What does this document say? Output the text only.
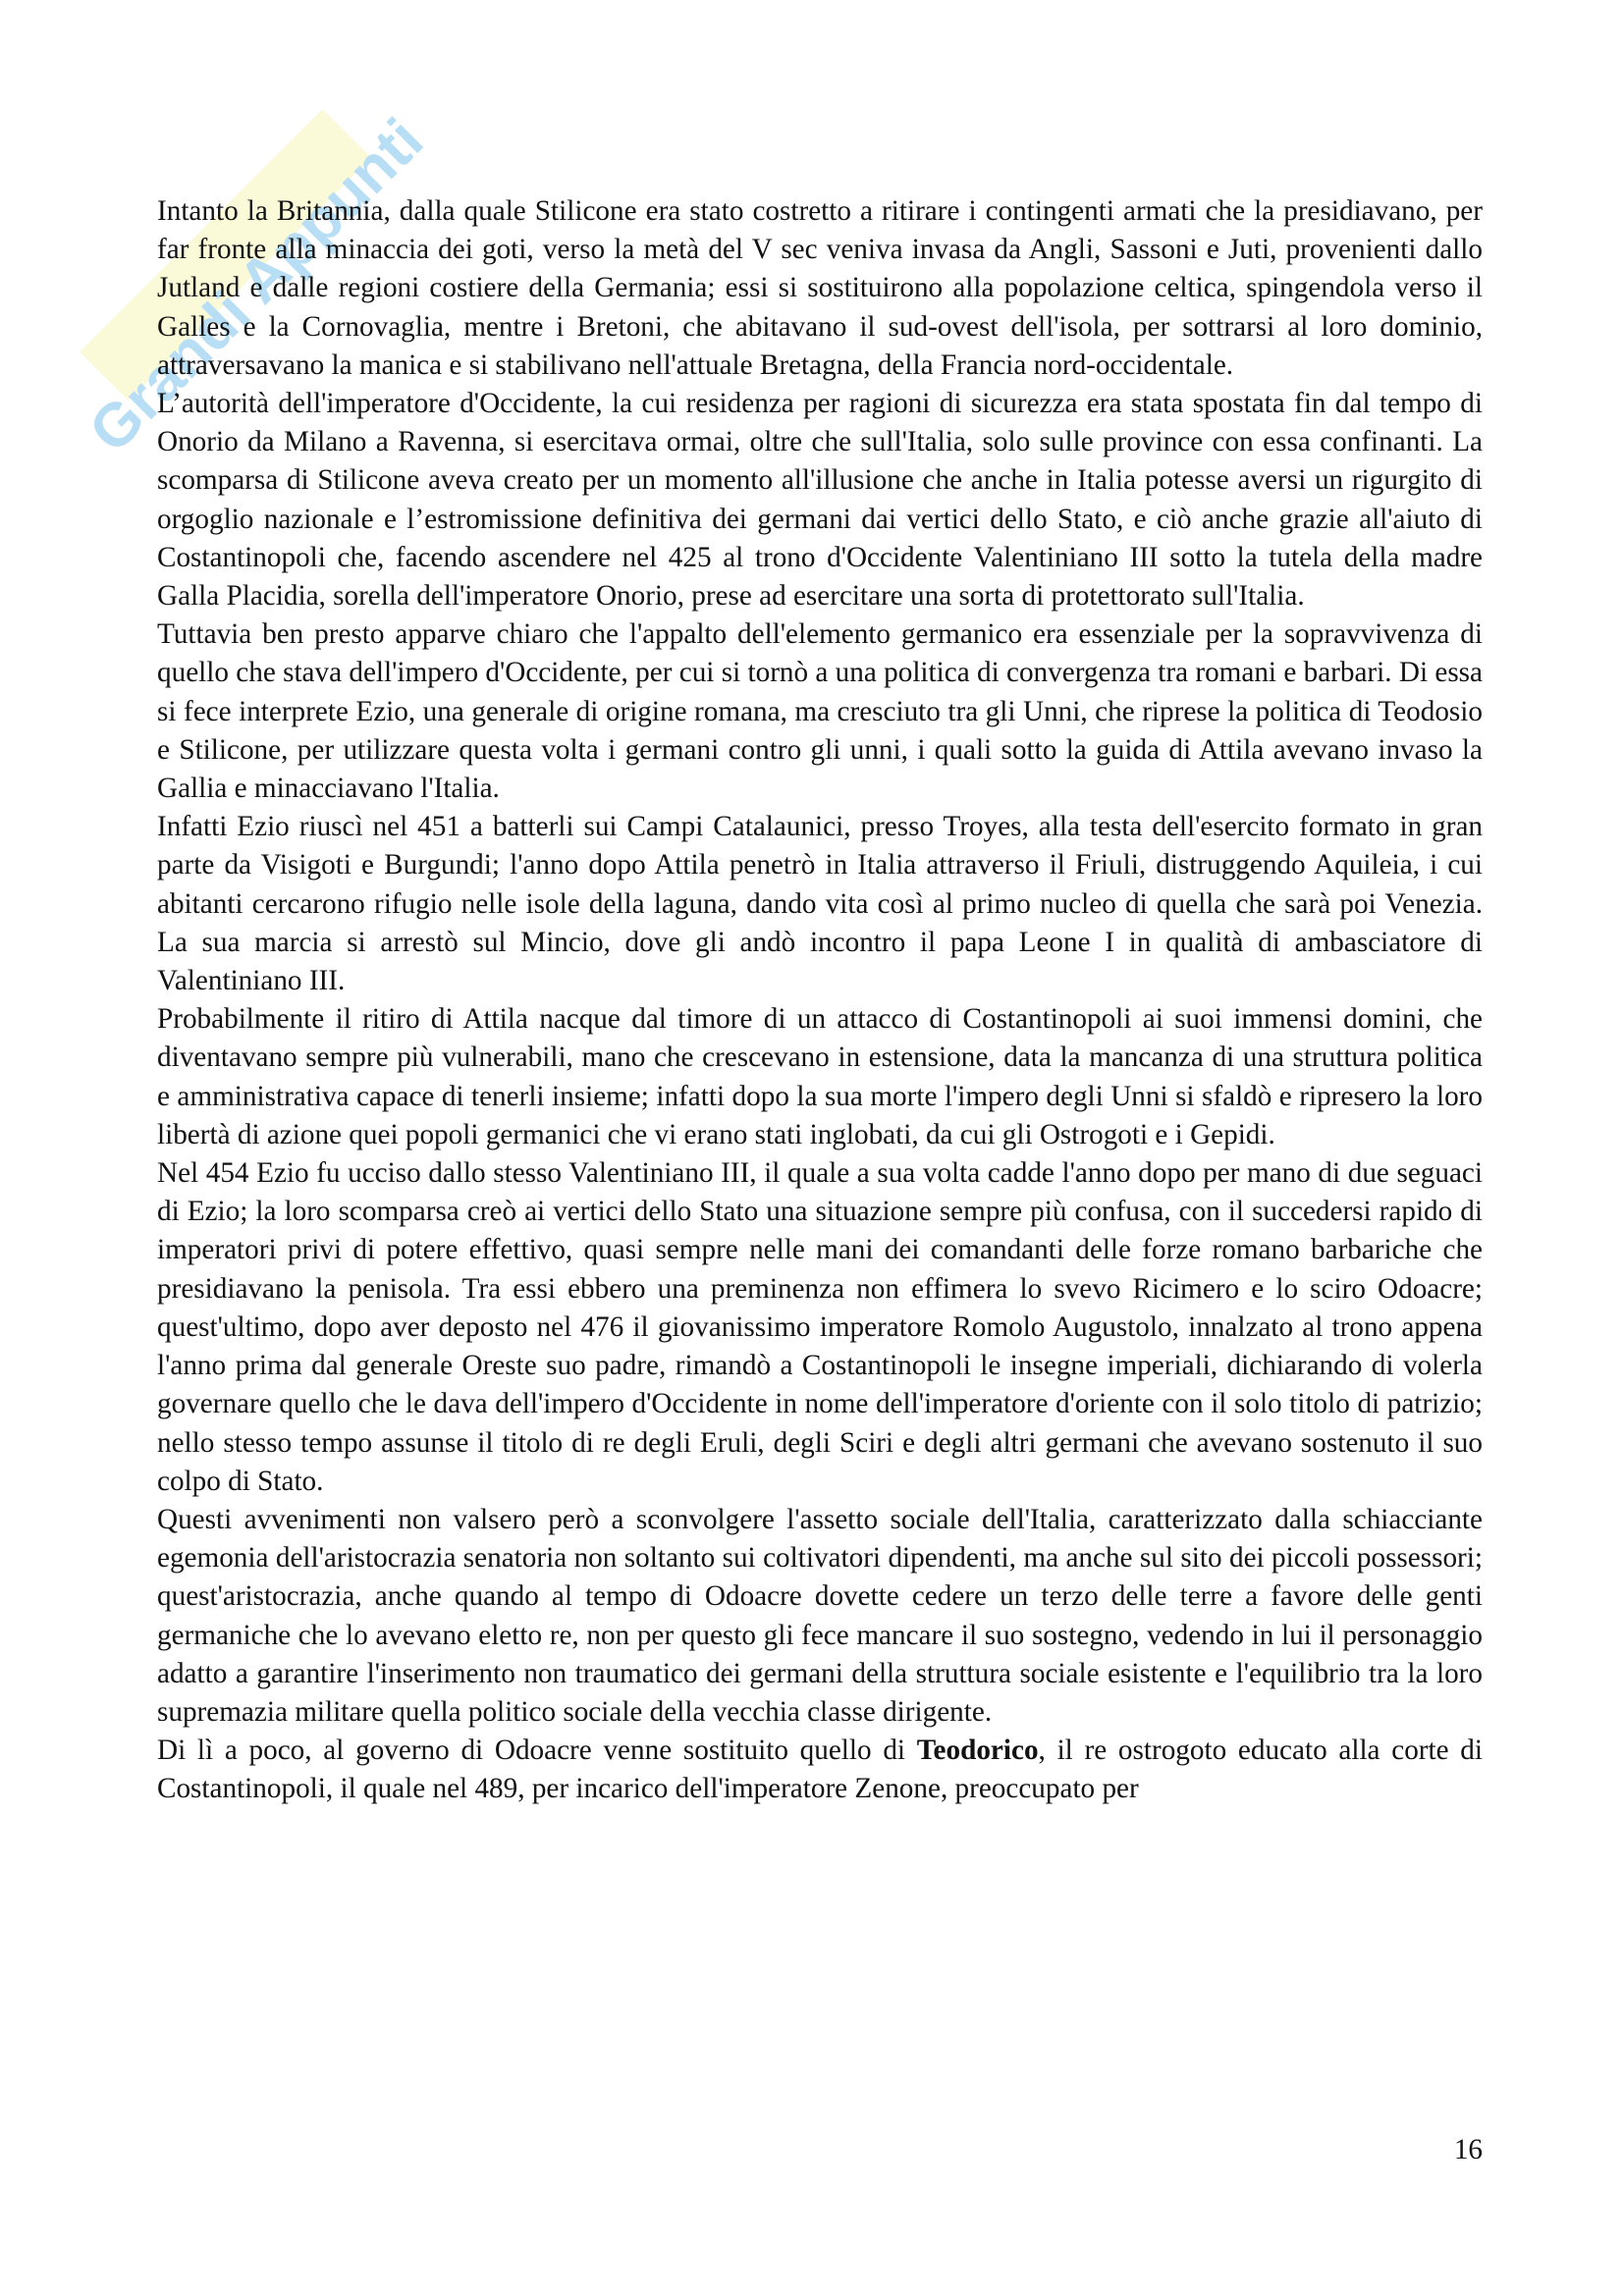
Grandi Appunti

Intanto la Britannia, dalla quale Stilicone era stato costretto a ritirare i contingenti armati che la presidiavano, per far fronte alla minaccia dei goti, verso la metà del V sec veniva invasa da Angli, Sassoni e Juti, provenienti dallo Jutland e dalle regioni costiere della Germania; essi si sostituirono alla popolazione celtica, spingendola verso il Galles e la Cornovaglia, mentre i Bretoni, che abitavano il sud-ovest dell'isola, per sottrarsi al loro dominio, attraversavano la manica e si stabilivano nell'attuale Bretagna, della Francia nord-occidentale.

L’autorità dell'imperatore d'Occidente, la cui residenza per ragioni di sicurezza era stata spostata fin dal tempo di Onorio da Milano a Ravenna, si esercitava ormai, oltre che sull'Italia, solo sulle province con essa confinanti. La scomparsa di Stilicone aveva creato per un momento all'illusione che anche in Italia potesse aversi un rigurgito di orgoglio nazionale e l’estromissione definitiva dei germani dai vertici dello Stato, e ciò anche grazie all'aiuto di Costantinopoli che, facendo ascendere nel 425 al trono d'Occidente Valentiniano III sotto la tutela della madre Galla Placidia, sorella dell'imperatore Onorio, prese ad esercitare una sorta di protettorato sull'Italia.

Tuttavia ben presto apparve chiaro che l'appalto dell'elemento germanico era essenziale per la sopravvivenza di quello che stava dell'impero d'Occidente, per cui si tornò a una politica di convergenza tra romani e barbari. Di essa si fece interprete Ezio, una generale di origine romana, ma cresciuto tra gli Unni, che riprese la politica di Teodosio e Stilicone, per utilizzare questa volta i germani contro gli unni, i quali sotto la guida di Attila avevano invaso la Gallia e minacciavano l'Italia.

Infatti Ezio riuscì nel 451 a batterli sui Campi Catalaunici, presso Troyes, alla testa dell'esercito formato in gran parte da Visigoti e Burgundi; l'anno dopo Attila penetrò in Italia attraverso il Friuli, distruggendo Aquileia, i cui abitanti cercarono rifugio nelle isole della laguna, dando vita così al primo nucleo di quella che sarà poi Venezia. La sua marcia si arrestò sul Mincio, dove gli andò incontro il papa Leone I in qualità di ambasciatore di Valentiniano III.

Probabilmente il ritiro di Attila nacque dal timore di un attacco di Costantinopoli ai suoi immensi domini, che diventavano sempre più vulnerabili, mano che crescevano in estensione, data la mancanza di una struttura politica e amministrativa capace di tenerli insieme; infatti dopo la sua morte l'impero degli Unni si sfaldò e ripresero la loro libertà di azione quei popoli germanici che vi erano stati inglobati, da cui gli Ostrogoti e i Gepidi.

Nel 454 Ezio fu ucciso dallo stesso Valentiniano III, il quale a sua volta cadde l'anno dopo per mano di due seguaci di Ezio; la loro scomparsa creò ai vertici dello Stato una situazione sempre più confusa, con il succedersi rapido di imperatori privi di potere effettivo, quasi sempre nelle mani dei comandanti delle forze romano barbariche che presidiavano la penisola. Tra essi ebbero una preminenza non effimera lo svevo Ricimero e lo sciro Odoacre; quest'ultimo, dopo aver deposto nel 476 il giovanissimo imperatore Romolo Augustolo, innalzato al trono appena l'anno prima dal generale Oreste suo padre, rimandò a Costantinopoli le insegne imperiali, dichiarando di volerla governare quello che le dava dell'impero d'Occidente in nome dell'imperatore d'oriente con il solo titolo di patrizio; nello stesso tempo assunse il titolo di re degli Eruli, degli Sciri e degli altri germani che avevano sostenuto il suo colpo di Stato.

Questi avvenimenti non valsero però a sconvolgere l'assetto sociale dell'Italia, caratterizzato dalla schiacciante egemonia dell'aristocrazia senatoria non soltanto sui coltivatori dipendenti, ma anche sul sito dei piccoli possessori; quest'aristocrazia, anche quando al tempo di Odoacre dovette cedere un terzo delle terre a favore delle genti germaniche che lo avevano eletto re, non per questo gli fece mancare il suo sostegno, vedendo in lui il personaggio adatto a garantire l'inserimento non traumatico dei germani della struttura sociale esistente e l'equilibrio tra la loro supremazia militare quella politico sociale della vecchia classe dirigente.

Di lì a poco, al governo di Odoacre venne sostituito quello di Teodorico, il re ostrogoto educato alla corte di Costantinopoli, il quale nel 489, per incarico dell'imperatore Zenone, preoccupato per

16
